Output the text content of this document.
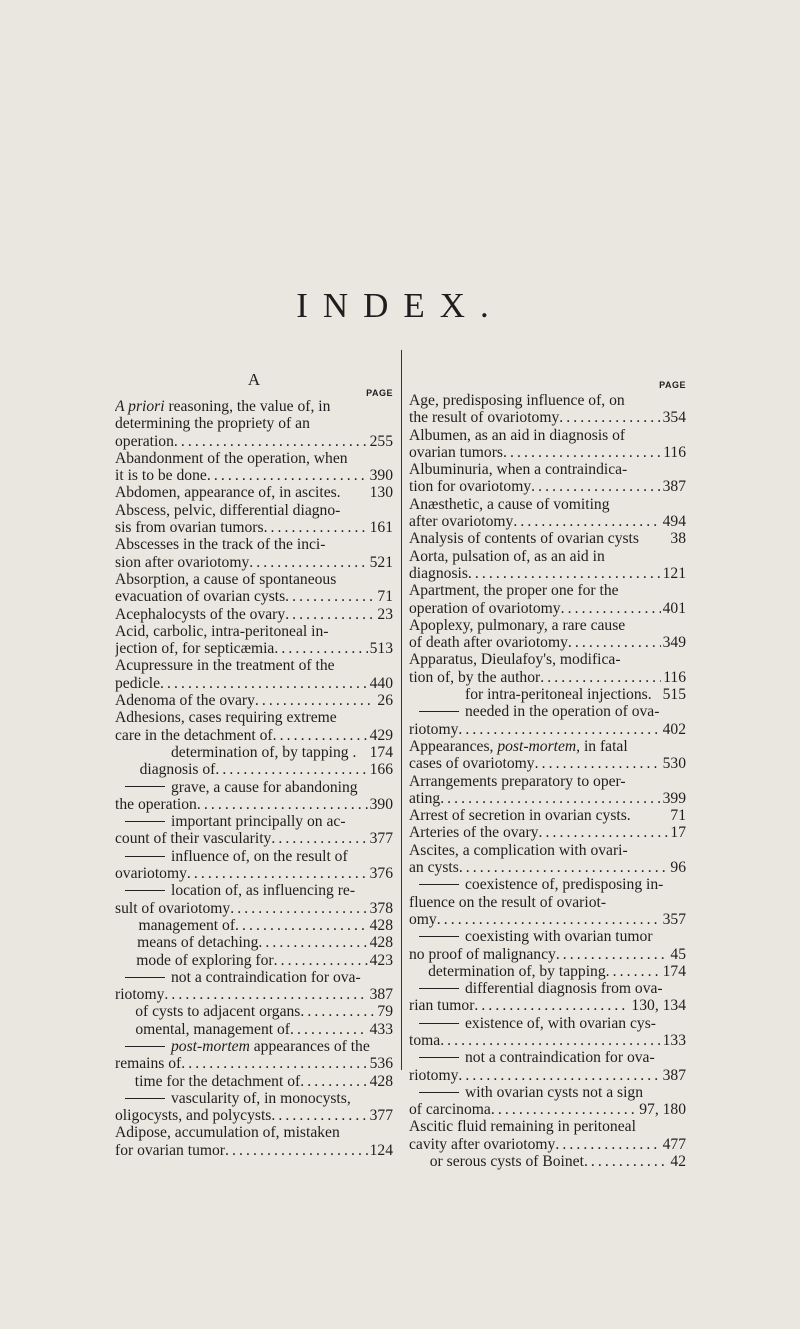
INDEX.
A
PAGE
A priori reasoning, the value of, in
determining the propriety of an
operation . . .	255
Abandonment of the operation, when
it is to be done . . .	390
Abdomen, appearance of, in ascites. 130
Abscess, pelvic, differential diagno-
sis from ovarian tumors . . .	161
Abscesses in the track of the inci-
sion after ovariotomy . . .	521
Absorption, a cause of spontaneous
evacuation of ovarian cysts . . .	71
Acephalocysts of the ovary . . .	23
Acid, carbolic, intra-peritoneal in-
jection of, for septicæmia . . .	513
Acupressure in the treatment of the
pedicle . . .	440
Adenoma of the ovary . . .	26
Adhesions, cases requiring extreme
care in the detachment of . . .	429
determination of, by tapping . 174
diagnosis of . . .	166
grave, a cause for abandoning
the operation . . .	390
important principally on ac-
count of their vascularity . . .	377
influence of, on the result of
ovariotomy . . .	376
location of, as influencing re-
sult of ovariotomy . . .	378
management of . . .	428
means of detaching . . .	428
mode of exploring for . . .	423
not a contraindication for ova-
riotomy . . .	387
of cysts to adjacent organs . . .	79
omental, management of . . .	433
post-mortem appearances of the
remains of . . .	536
time for the detachment of . . .	428
vascularity of, in monocysts,
oligocysts, and polycysts . . .	377
Adipose, accumulation of, mistaken
for ovarian tumor . . .	124
PAGE
Age, predisposing influence of, on
the result of ovariotomy . . .	354
Albumen, as an aid in diagnosis of
ovarian tumors . . .	116
Albuminuria, when a contraindica-
tion for ovariotomy . . .	387
Anæsthetic, a cause of vomiting
after ovariotomy . . .	494
Analysis of contents of ovarian cysts 38
Aorta, pulsation of, as an aid in
diagnosis . . .	121
Apartment, the proper one for the
operation of ovariotomy . . .	401
Apoplexy, pulmonary, a rare cause
of death after ovariotomy . . .	349
Apparatus, Dieulafoy's, modifica-
tion of, by the author . . .	116
for intra-peritoneal injections. 515
needed in the operation of ova-
riotomy . . .	402
Appearances, post-mortem, in fatal
cases of ovariotomy . . .	530
Arrangements preparatory to oper-
ating . . .	399
Arrest of secretion in ovarian cysts.	71
Arteries of the ovary . . .	17
Ascites, a complication with ovari-
an cysts . . .	96
coexistence of, predisposing in-
fluence on the result of ovariot-
omy . . .	357
coexisting with ovarian tumor
no proof of malignancy . . .	45
determination of, by tapping . . .	174
differential diagnosis from ova-
rian tumor . . .	130, 134
existence of, with ovarian cys-
toma . . .	133
not a contraindication for ova-
riotomy . . .	387
with ovarian cysts not a sign
of carcinoma . . .	97, 180
Ascitic fluid remaining in peritoneal
cavity after ovariotomy . . .	477
or serous cysts of Boinet . . .	42
